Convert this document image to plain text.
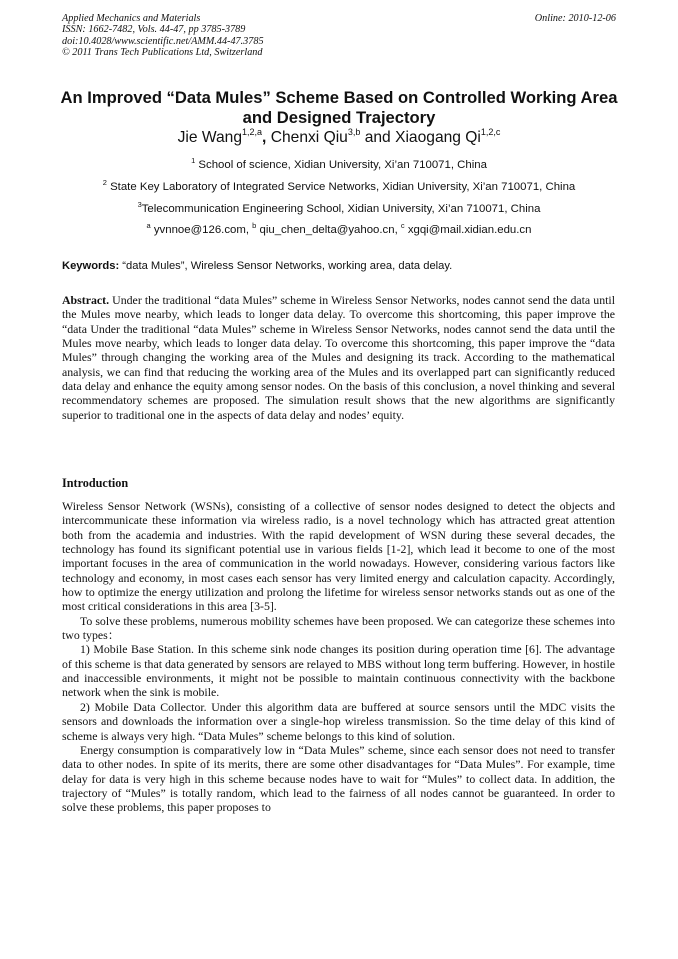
Applied Mechanics and Materials
ISSN: 1662-7482, Vols. 44-47, pp 3785-3789
doi:10.4028/www.scientific.net/AMM.44-47.3785
© 2011 Trans Tech Publications Ltd, Switzerland
Online: 2010-12-06
An Improved “Data Mules” Scheme Based on Controlled Working Area
and Designed Trajectory
Jie Wang$^{1,2,a}$, Chenxi Qiu$^{3,b}$ and Xiaogang Qi$^{1,2,c}$
$^1$ School of science, Xidian University, Xi’an 710071, China
$^2$ State Key Laboratory of Integrated Service Networks, Xidian University, Xi’an 710071, China
$^3$Telecommunication Engineering School, Xidian University, Xi’an 710071, China
$^a$ yvnnoe@126.com, $^b$ qiu_chen_delta@yahoo.cn, $^c$ xgqi@mail.xidian.edu.cn
Keywords: “data Mules”, Wireless Sensor Networks, working area, data delay.

Abstract. Under the traditional “data Mules” scheme in Wireless Sensor Networks, nodes cannot send the data until the Mules move nearby, which leads to longer data delay. To overcome this shortcoming, this paper improve the “data Under the traditional “data Mules” scheme in Wireless Sensor Networks, nodes cannot send the data until the Mules move nearby, which leads to longer data delay. To overcome this shortcoming, this paper improve the “data Mules” through changing the working area of the Mules and designing its track. According to the mathematical analysis, we can find that reducing the working area of the Mules and its overlapped part can significantly reduced data delay and enhance the equity among sensor nodes. On the basis of this conclusion, a novel thinking and several recommendatory schemes are proposed. The simulation result shows that the new algorithms are significantly superior to traditional one in the aspects of data delay and nodes’ equity.

Introduction

Wireless Sensor Network (WSNs), consisting of a collective of sensor nodes designed to detect the objects and intercommunicate these information via wireless radio, is a novel technology which has attracted great attention both from the academia and industries. With the rapid development of WSN during these several decades, the technology has found its significant potential use in various fields [1-2], which lead it become to one of the most important focuses in the area of communication in the world nowadays. However, considering various factors like technology and economy, in most cases each sensor has very limited energy and calculation capacity. Accordingly, how to optimize the energy utilization and prolong the lifetime for wireless sensor networks stands out as one of the most critical considerations in this area [3-5].

To solve these problems, numerous mobility schemes have been proposed. We can categorize these schemes into two types：

1) Mobile Base Station. In this scheme sink node changes its position during operation time [6]. The advantage of this scheme is that data generated by sensors are relayed to MBS without long term buffering. However, in hostile and inaccessible environments, it might not be possible to maintain continuous connectivity with the backbone network when the sink is mobile.

2) Mobile Data Collector. Under this algorithm data are buffered at source sensors until the MDC visits the sensors and downloads the information over a single-hop wireless transmission. So the time delay of this kind of scheme is always very high. “Data Mules” scheme belongs to this kind of solution.

Energy consumption is comparatively low in “Data Mules” scheme, since each sensor does not need to transfer data to other nodes. In spite of its merits, there are some other disadvantages for “Data Mules”. For example, time delay for data is very high in this scheme because nodes have to wait for “Mules” to collect data. In addition, the trajectory of “Mules” is totally random, which lead to the fairness of all nodes cannot be guaranteed. In order to solve these problems, this paper proposes to
